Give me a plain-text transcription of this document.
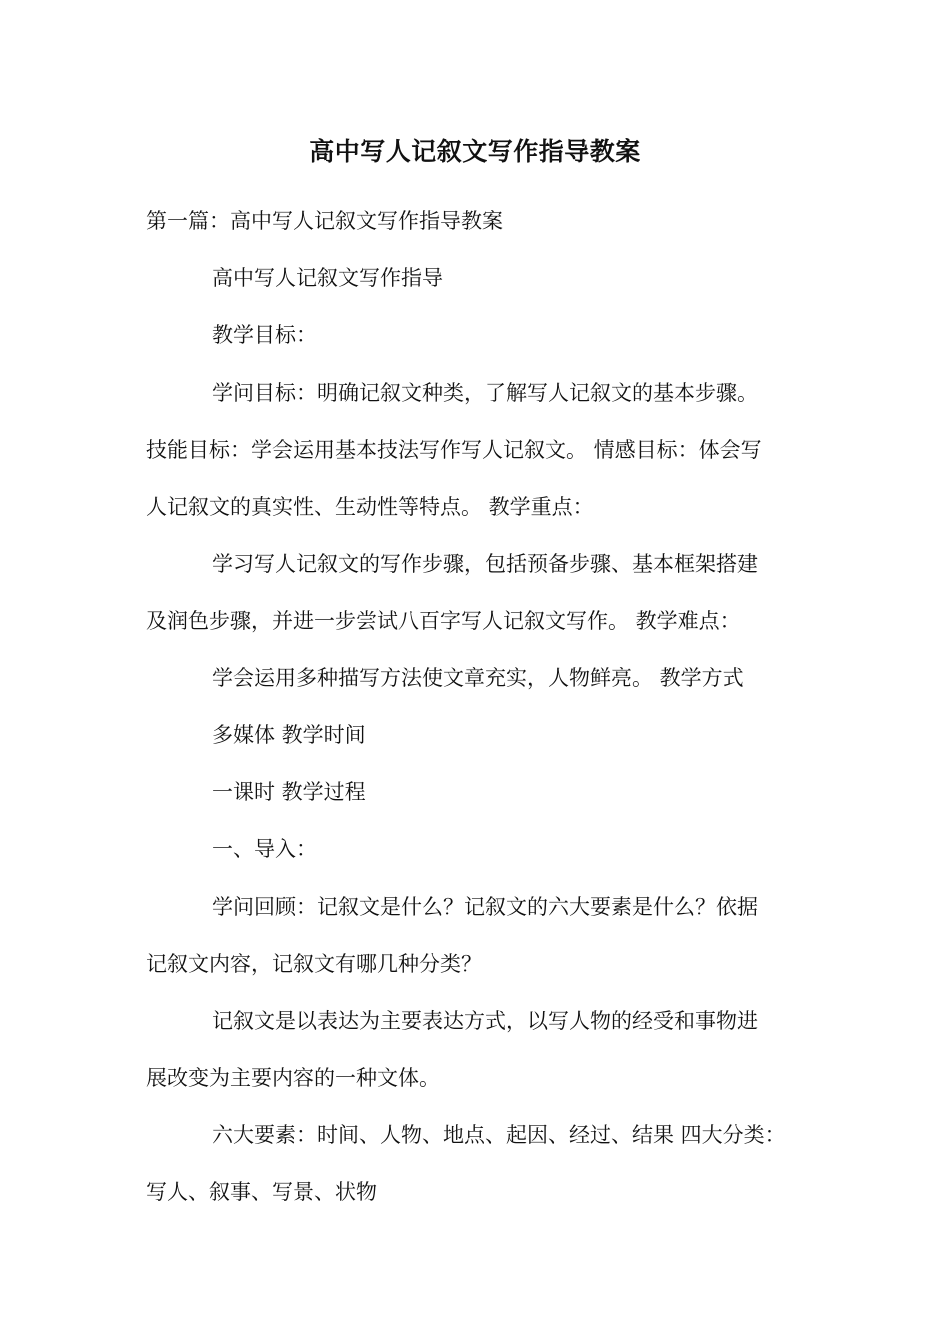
高中写人记叙文写作指导教案
第一篇：高中写人记叙文写作指导教案
高中写人记叙文写作指导
教学目标：
学问目标：明确记叙文种类，了解写人记叙文的基本步骤。
技能目标：学会运用基本技法写作写人记叙文。 情感目标：体会写
人记叙文的真实性、生动性等特点。 教学重点：
学习写人记叙文的写作步骤，包括预备步骤、基本框架搭建
及润色步骤，并进一步尝试八百字写人记叙文写作。 教学难点：
学会运用多种描写方法使文章充实，人物鲜亮。 教学方式
多媒体 教学时间
一课时 教学过程
一、导入：
学问回顾：记叙文是什么？记叙文的六大要素是什么？依据
记叙文内容，记叙文有哪几种分类？
记叙文是以表达为主要表达方式，以写人物的经受和事物进
展改变为主要内容的一种文体。
六大要素：时间、人物、地点、起因、经过、结果 四大分类：
写人、叙事、写景、状物
